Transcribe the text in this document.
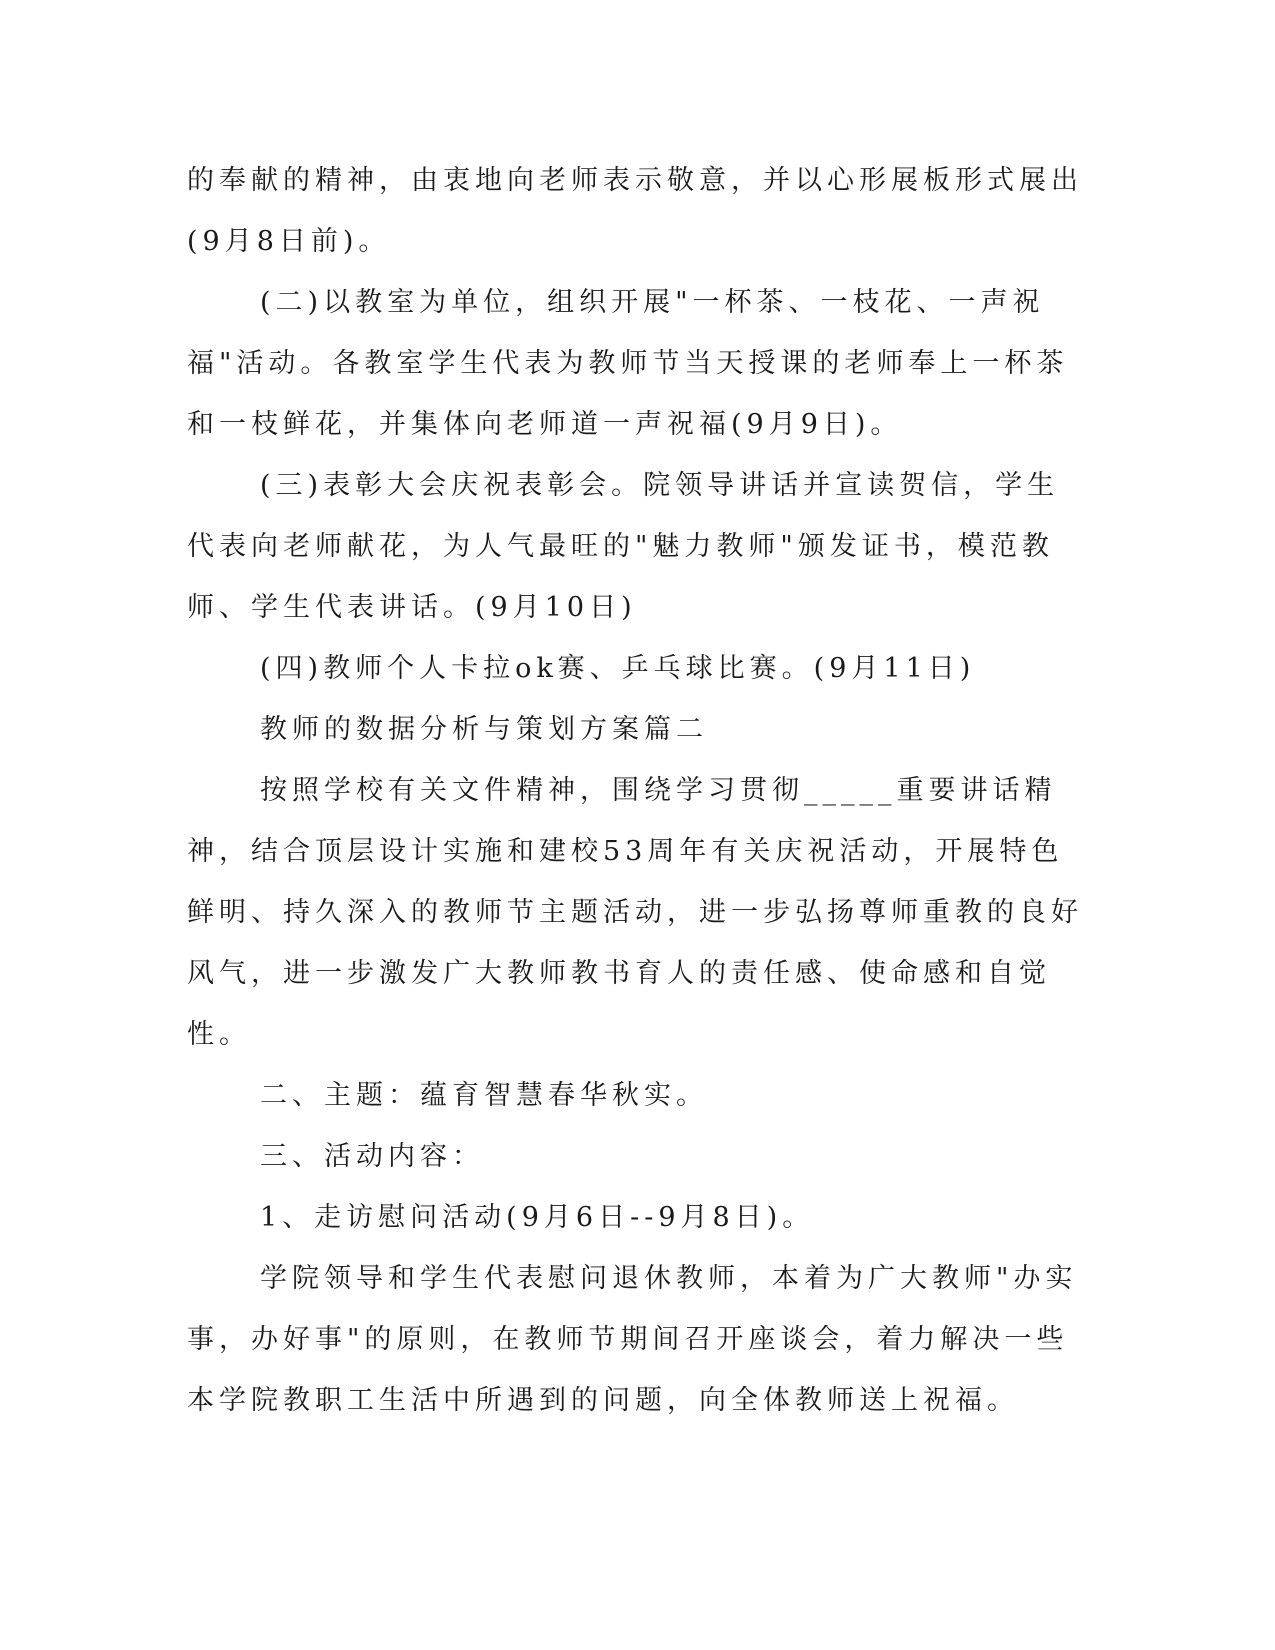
的奉献的精神，由衷地向老师表示敬意，并以心形展板形式展出(9月8日前)。

(二)以教室为单位，组织开展"一杯茶、一枝花、一声祝福"活动。各教室学生代表为教师节当天授课的老师奉上一杯茶和一枝鲜花，并集体向老师道一声祝福(9月9日)。

(三)表彰大会庆祝表彰会。院领导讲话并宣读贺信，学生代表向老师献花，为人气最旺的"魅力教师"颁发证书，模范教师、学生代表讲话。(9月10日)

(四)教师个人卡拉ok赛、乒乓球比赛。(9月11日)

教师的数据分析与策划方案篇二

按照学校有关文件精神，围绕学习贯彻_____重要讲话精神，结合顶层设计实施和建校53周年有关庆祝活动，开展特色鲜明、持久深入的教师节主题活动，进一步弘扬尊师重教的良好风气，进一步激发广大教师教书育人的责任感、使命感和自觉性。

二、主题：蕴育智慧春华秋实。

三、活动内容：

1、走访慰问活动(9月6日--9月8日)。

学院领导和学生代表慰问退休教师，本着为广大教师"办实事，办好事"的原则，在教师节期间召开座谈会，着力解决一些本学院教职工生活中所遇到的问题，向全体教师送上祝福。
